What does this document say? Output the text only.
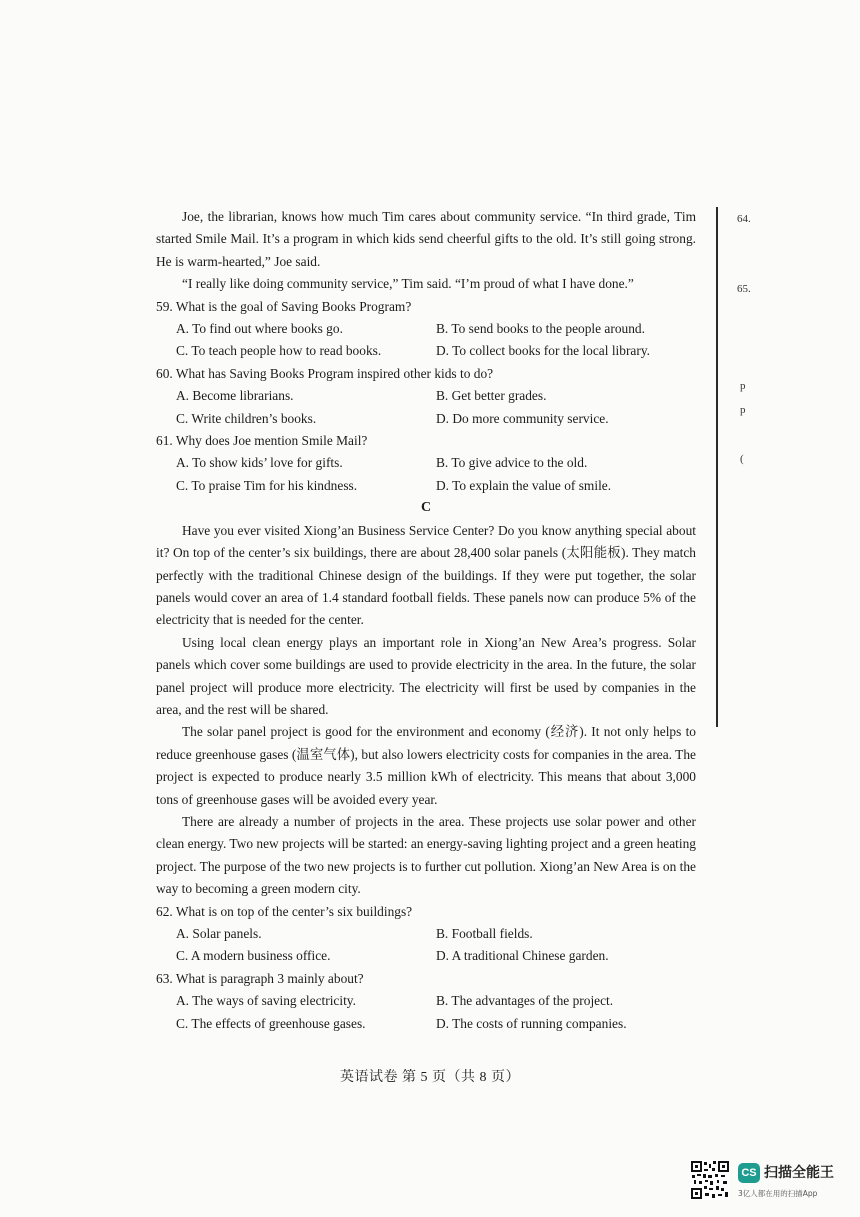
Joe, the librarian, knows how much Tim cares about community service. “In third grade, Tim started Smile Mail. It’s a program in which kids send cheerful gifts to the old. It’s still going strong. He is warm-hearted,” Joe said.

“I really like doing community service,” Tim said. “I’m proud of what I have done.”

59. What is the goal of Saving Books Program?

A. To find out where books go.	B. To send books to the people around.
C. To teach people how to read books.	D. To collect books for the local library.

60. What has Saving Books Program inspired other kids to do?

A. Become librarians.	B. Get better grades.
C. Write children’s books.	D. Do more community service.

61. Why does Joe mention Smile Mail?

A. To show kids’ love for gifts.	B. To give advice to the old.
C. To praise Tim for his kindness.	D. To explain the value of smile.

C

Have you ever visited Xiong’an Business Service Center? Do you know anything special about it? On top of the center’s six buildings, there are about 28,400 solar panels (太阳能板). They match perfectly with the traditional Chinese design of the buildings. If they were put together, the solar panels would cover an area of 1.4 standard football fields. These panels now can produce 5% of the electricity that is needed for the center.

Using local clean energy plays an important role in Xiong’an New Area’s progress. Solar panels which cover some buildings are used to provide electricity in the area. In the future, the solar panel project will produce more electricity. The electricity will first be used by companies in the area, and the rest will be shared.

The solar panel project is good for the environment and economy (经济). It not only helps to reduce greenhouse gases (温室气体), but also lowers electricity costs for companies in the area. The project is expected to produce nearly 3.5 million kWh of electricity. This means that about 3,000 tons of greenhouse gases will be avoided every year.

There are already a number of projects in the area. These projects use solar power and other clean energy. Two new projects will be started: an energy-saving lighting project and a green heating project. The purpose of the two new projects is to further cut pollution. Xiong’an New Area is on the way to becoming a green modern city.

62. What is on top of the center’s six buildings?

A. Solar panels.	B. Football fields.
C. A modern business office.	D. A traditional Chinese garden.

63. What is paragraph 3 mainly about?

A. The ways of saving electricity.	B. The advantages of the project.
C. The effects of greenhouse gases.	D. The costs of running companies.
64.
65.
p
p
(
英语试卷 第 5 页（共 8 页）
CS 扫描全能王
3亿人都在用的扫描App
